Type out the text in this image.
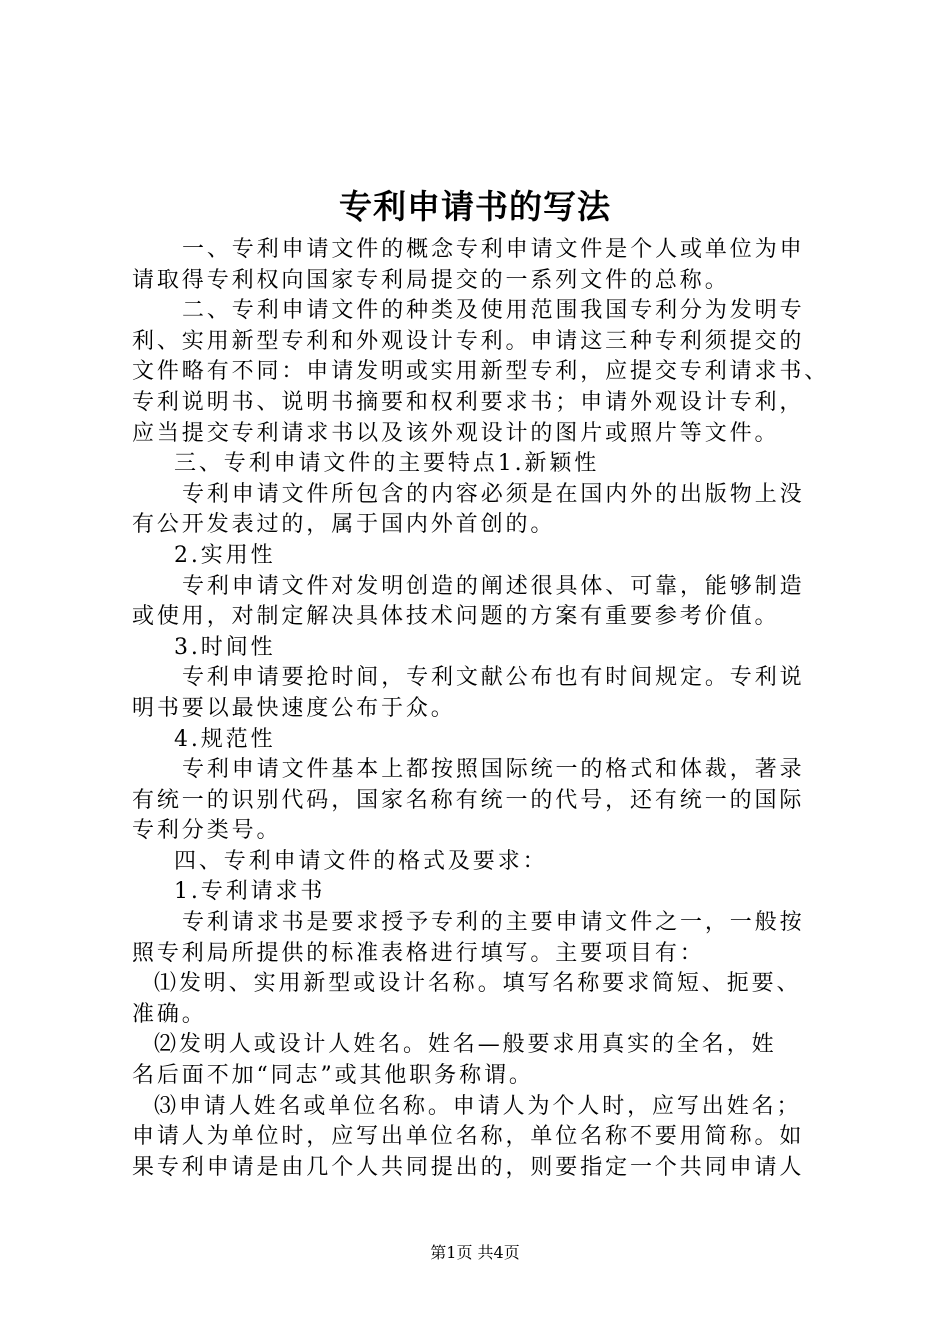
专利申请书的写法

一、专利申请文件的概念专利申请文件是个人或单位为申

请取得专利权向国家专利局提交的一系列文件的总称。

二、专利申请文件的种类及使用范围我国专利分为发明专

利、实用新型专利和外观设计专利。申请这三种专利须提交的

文件略有不同：申请发明或实用新型专利，应提交专利请求书、

专利说明书、说明书摘要和权利要求书；申请外观设计专利，

应当提交专利请求书以及该外观设计的图片或照片等文件。

三、专利申请文件的主要特点1.新颖性

专利申请文件所包含的内容必须是在国内外的出版物上没

有公开发表过的，属于国内外首创的。

2.实用性

专利申请文件对发明创造的阐述很具体、可靠，能够制造

或使用，对制定解决具体技术问题的方案有重要参考价值。

3.时间性

专利申请要抢时间，专利文献公布也有时间规定。专利说

明书要以最快速度公布于众。

4.规范性

专利申请文件基本上都按照国际统一的格式和体裁，著录

有统一的识别代码，国家名称有统一的代号，还有统一的国际

专利分类号。

四、专利申请文件的格式及要求：

1.专利请求书

专利请求书是要求授予专利的主要申请文件之一，一般按

照专利局所提供的标准表格进行填写。主要项目有：

⑴发明、实用新型或设计名称。填写名称要求简短、扼要、

准确。

⑵发明人或设计人姓名。姓名—般要求用真实的全名，姓

名后面不加“同志”或其他职务称谓。

⑶申请人姓名或单位名称。申请人为个人时，应写出姓名；

申请人为单位时，应写出单位名称，单位名称不要用简称。如

果专利申请是由几个人共同提出的，则要指定一个共同申请人

第1页 共4页
